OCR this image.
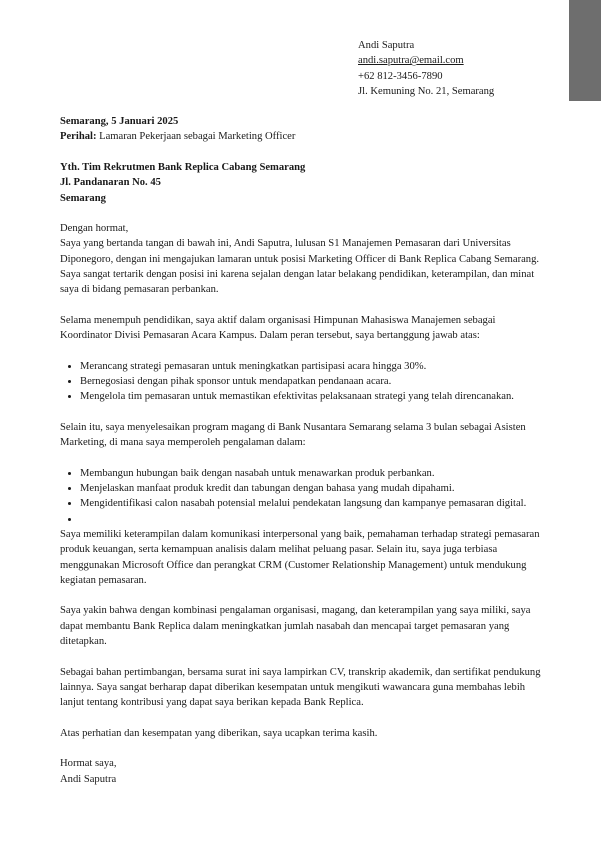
Andi Saputra
andi.saputra@email.com
+62 812-3456-7890
Jl. Kemuning No. 21, Semarang
Semarang, 5 Januari 2025
Perihal: Lamaran Pekerjaan sebagai Marketing Officer
Yth. Tim Rekrutmen Bank Replica Cabang Semarang
Jl. Pandanaran No. 45
Semarang
Dengan hormat,

Saya yang bertanda tangan di bawah ini, Andi Saputra, lulusan S1 Manajemen Pemasaran dari Universitas Diponegoro, dengan ini mengajukan lamaran untuk posisi Marketing Officer di Bank Replica Cabang Semarang. Saya sangat tertarik dengan posisi ini karena sejalan dengan latar belakang pendidikan, keterampilan, dan minat saya di bidang pemasaran perbankan.

Selama menempuh pendidikan, saya aktif dalam organisasi Himpunan Mahasiswa Manajemen sebagai Koordinator Divisi Pemasaran Acara Kampus. Dalam peran tersebut, saya bertanggung jawab atas:

• Merancang strategi pemasaran untuk meningkatkan partisipasi acara hingga 30%.
• Bernegosiasi dengan pihak sponsor untuk mendapatkan pendanaan acara.
• Mengelola tim pemasaran untuk memastikan efektivitas pelaksanaan strategi yang telah direncanakan.

Selain itu, saya menyelesaikan program magang di Bank Nusantara Semarang selama 3 bulan sebagai Asisten Marketing, di mana saya memperoleh pengalaman dalam:

• Membangun hubungan baik dengan nasabah untuk menawarkan produk perbankan.
• Menjelaskan manfaat produk kredit dan tabungan dengan bahasa yang mudah dipahami.
• Mengidentifikasi calon nasabah potensial melalui pendekatan langsung dan kampanye pemasaran digital.
•

Saya memiliki keterampilan dalam komunikasi interpersonal yang baik, pemahaman terhadap strategi pemasaran produk keuangan, serta kemampuan analisis dalam melihat peluang pasar. Selain itu, saya juga terbiasa menggunakan Microsoft Office dan perangkat CRM (Customer Relationship Management) untuk mendukung kegiatan pemasaran.

Saya yakin bahwa dengan kombinasi pengalaman organisasi, magang, dan keterampilan yang saya miliki, saya dapat membantu Bank Replica dalam meningkatkan jumlah nasabah dan mencapai target pemasaran yang ditetapkan.

Sebagai bahan pertimbangan, bersama surat ini saya lampirkan CV, transkrip akademik, dan sertifikat pendukung lainnya. Saya sangat berharap dapat diberikan kesempatan untuk mengikuti wawancara guna membahas lebih lanjut tentang kontribusi yang dapat saya berikan kepada Bank Replica.

Atas perhatian dan kesempatan yang diberikan, saya ucapkan terima kasih.

Hormat saya,
Andi Saputra
